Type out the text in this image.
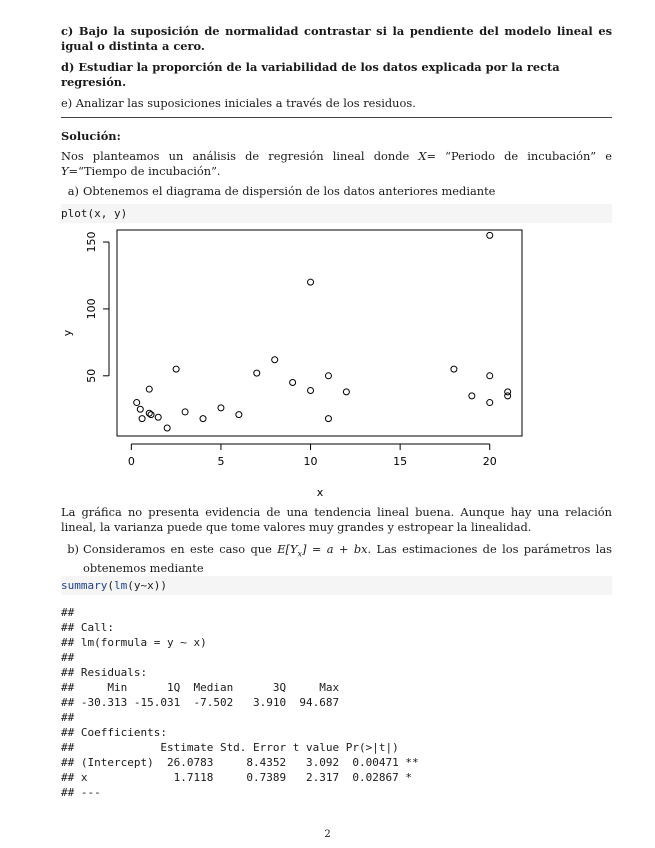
c) Bajo la suposición de normalidad contrastar si la pendiente del modelo lineal es igual o distinta a cero.

d) Estudiar la proporción de la variabilidad de los datos explicada por la recta regresión.

e) Analizar las suposiciones iniciales a través de los residuos.

Solución:

Nos planteamos un análisis de regresión lineal donde X= “Periodo de incubación” e Y=“Tiempo de incubación”.

a) Obtenemos el diagrama de dispersión de los datos anteriores mediante
plot(x, y)
0	5	10	15	20
50
100
150
x
y

La gráfica no presenta evidencia de una tendencia lineal buena. Aunque hay una relación lineal, la varianza puede que tome valores muy grandes y estropear la linealidad.

b) Consideramos en este caso que $E[Y_x] = a$ + bx. Las estimaciones de los parámetros las obtenemos mediante
summary(lm(y~x))
##
## Call:
## lm(formula = y ~ x)
##
## Residuals:
##     Min      1Q  Median      3Q     Max
## -30.313 -15.031  -7.502   3.910  94.687
##
## Coefficients:
##             Estimate Std. Error t value Pr(>|t|)
## (Intercept)  26.0783     8.4352   3.092  0.00471 **
## x             1.7118     0.7389   2.317  0.02867 *
## ---
2
